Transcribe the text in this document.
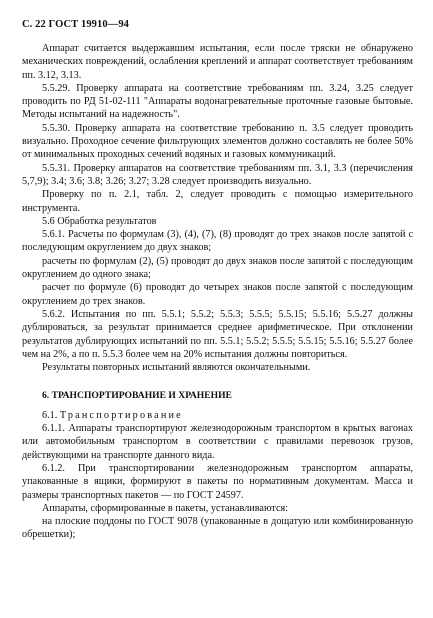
С. 22 ГОСТ 19910—94

Аппарат считается выдержавшим испытания, если после тряски не обнаружено механических повреждений, ослабления креплений и аппарат соответствует требованиям пп. 3.12, 3.13.

5.5.29. Проверку аппарата на соответствие требованиям пп. 3.24, 3.25 следует проводить по РД 51-02-111 "Аппараты водонагревательные проточные газовые бытовые. Методы испытаний на надежность".

5.5.30. Проверку аппарата на соответствие требованию п. 3.5 следует проводить визуально. Проходное сечение фильтрующих элементов должно составлять не более 50% от минимальных проходных сечений водяных и газовых коммуникаций.

5.5.31. Проверку аппаратов на соответствие требованиям пп. 3.1, 3.3 (перечисления 5,7,9); 3.4; 3.6; 3.8; 3.26; 3.27; 3.28 следует производить визуально.

Проверку по п. 2.1, табл. 2, следует проводить с помощью измерительного инструмента.

5.6 Обработка результатов

5.6.1. Расчеты по формулам (3), (4), (7), (8) проводят до трех знаков после запятой с последующим округлением до двух знаков;

расчеты по формулам (2), (5) проводят до двух знаков после запятой с последующим округлением до одного знака;

расчет по формуле (6) проводят до четырех знаков после запятой с последующим округлением до трех знаков.

5.6.2. Испытания по пп. 5.5.1; 5.5.2; 5.5.3; 5.5.5; 5.5.15; 5.5.16; 5.5.27 должны дублироваться, за результат принимается среднее арифметическое. При отклонении результатов дублирующих испытаний по пп. 5.5.1; 5.5.2; 5.5.5; 5.5.15; 5.5.16; 5.5.27 более чем на 2%, а по п. 5.5.3 более чем на 20% испытания должны повториться.

Результаты повторных испытаний являются окончательными.

6. ТРАНСПОРТИРОВАНИЕ И ХРАНЕНИЕ

6.1. Транспортирование

6.1.1. Аппараты транспортируют железнодорожным транспортом в крытых вагонах или автомобильным транспортом в соответствии с правилами перевозок грузов, действующими на транспорте данного вида.

6.1.2. При транспортировании железнодорожным транспортом аппараты, упакованные в ящики, формируют в пакеты по нормативным документам. Масса и размеры транспортных пакетов — по ГОСТ 24597.

Аппараты, сформированные в пакеты, устанавливаются:

на плоские поддоны по ГОСТ 9078 (упакованные в дощатую или комбинированную обрешетки);
